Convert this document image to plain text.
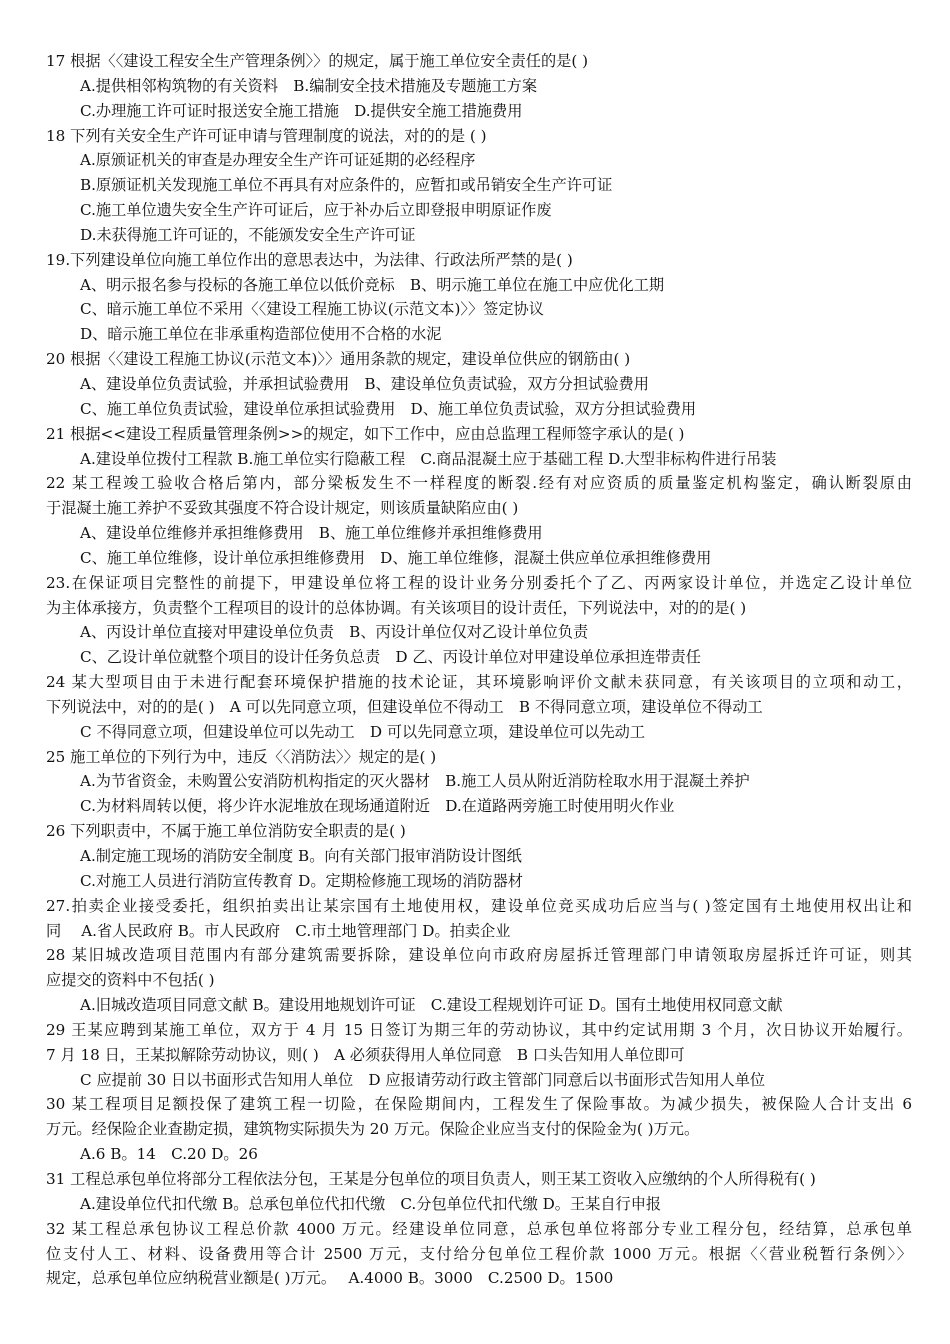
17 根据〈〈建设工程安全生产管理条例〉〉的规定，属于施工单位安全责任的是( )
A.提供相邻构筑物的有关资料　B.编制安全技术措施及专题施工方案
C.办理施工许可证时报送安全施工措施　D.提供安全施工措施费用
18 下列有关安全生产许可证申请与管理制度的说法，对的的是 ( )
A.原颁证机关的审查是办理安全生产许可证延期的必经程序
B.原颁证机关发现施工单位不再具有对应条件的，应暂扣或吊销安全生产许可证
C.施工单位遗失安全生产许可证后，应于补办后立即登报申明原证作废
D.未获得施工许可证的，不能颁发安全生产许可证
19.下列建设单位向施工单位作出的意思表达中，为法律、行政法所严禁的是( )
A、明示报名参与投标的各施工单位以低价竞标　B、明示施工单位在施工中应优化工期
C、暗示施工单位不采用〈〈建设工程施工协议(示范文本)〉〉签定协议
D、暗示施工单位在非承重构造部位使用不合格的水泥
20 根据〈〈建设工程施工协议(示范文本)〉〉通用条款的规定，建设单位供应的钢筋由( )
A、建设单位负责试验，并承担试验费用　B、建设单位负责试验，双方分担试验费用
C、施工单位负责试验，建设单位承担试验费用　D、施工单位负责试验，双方分担试验费用
21 根据<<建设工程质量管理条例>>的规定，如下工作中，应由总监理工程师签字承认的是( )
A.建设单位拨付工程款 B.施工单位实行隐蔽工程　C.商品混凝土应于基础工程 D.大型非标构件进行吊装
22 某工程竣工验收合格后第内，部分梁板发生不一样程度的断裂.经有对应资质的质量鉴定机构鉴定，确认断裂原由
于混凝土施工养护不妥致其强度不符合设计规定，则该质量缺陷应由( )
A、建设单位维修并承担维修费用　B、施工单位维修并承担维修费用
C、施工单位维修，设计单位承担维修费用　D、施工单位维修，混凝土供应单位承担维修费用
23.在保证项目完整性的前提下，甲建设单位将工程的设计业务分别委托个了乙、丙两家设计单位，并选定乙设计单位
为主体承接方，负责整个工程项目的设计的总体协调。有关该项目的设计责任，下列说法中，对的的是( )
A、丙设计单位直接对甲建设单位负责　B、丙设计单位仅对乙设计单位负责
C、乙设计单位就整个项目的设计任务负总责　D 乙、丙设计单位对甲建设单位承担连带责任
24 某大型项目由于未进行配套环境保护措施的技术论证，其环境影响评价文献未获同意，有关该项目的立项和动工，
下列说法中，对的的是( )　A 可以先同意立项，但建设单位不得动工　B 不得同意立项，建设单位不得动工
C 不得同意立项，但建设单位可以先动工　D 可以先同意立项，建设单位可以先动工
25 施工单位的下列行为中，违反〈〈消防法〉〉规定的是( )
A.为节省资金，未购置公安消防机构指定的灭火器材　B.施工人员从附近消防栓取水用于混凝土养护
C.为材料周转以便，将少许水泥堆放在现场通道附近　D.在道路两旁施工时使用明火作业
26 下列职责中，不属于施工单位消防安全职责的是( )
A.制定施工现场的消防安全制度 B。向有关部门报审消防设计图纸
C.对施工人员进行消防宣传教育 D。定期检修施工现场的消防器材
27.拍卖企业接受委托，组织拍卖出让某宗国有土地使用权，建设单位竞买成功后应当与( )签定国有土地使用权出让和
同　 A.省人民政府 B。市人民政府　C.市土地管理部门 D。拍卖企业
28 某旧城改造项目范围内有部分建筑需要拆除，建设单位向市政府房屋拆迁管理部门申请领取房屋拆迁许可证，则其
应提交的资料中不包括( )
A.旧城改造项目同意文献 B。建设用地规划许可证　C.建设工程规划许可证 D。国有土地使用权同意文献
29 王某应聘到某施工单位，双方于 4 月 15 日签订为期三年的劳动协议，其中约定试用期 3 个月，次日协议开始履行。
7 月 18 日，王某拟解除劳动协议，则( )　A 必须获得用人单位同意　B 口头告知用人单位即可
C 应提前 30 日以书面形式告知用人单位　D 应报请劳动行政主管部门同意后以书面形式告知用人单位
30 某工程项目足额投保了建筑工程一切险，在保险期间内，工程发生了保险事故。为减少损失，被保险人合计支出 6
万元。经保险企业查勘定损，建筑物实际损失为 20 万元。保险企业应当支付的保险金为( )万元。
A.6 B。14　C.20 D。26
31 工程总承包单位将部分工程依法分包，王某是分包单位的项目负责人，则王某工资收入应缴纳的个人所得税有( )
A.建设单位代扣代缴 B。总承包单位代扣代缴　C.分包单位代扣代缴 D。王某自行申报
32 某工程总承包协议工程总价款 4000 万元。经建设单位同意，总承包单位将部分专业工程分包，经结算，总承包单
位支付人工、材料、设备费用等合计 2500 万元，支付给分包单位工程价款 1000 万元。根据〈〈营业税暂行条例〉〉
规定，总承包单位应纳税营业额是( )万元。　 A.4000 B。3000　C.2500 D。1500
